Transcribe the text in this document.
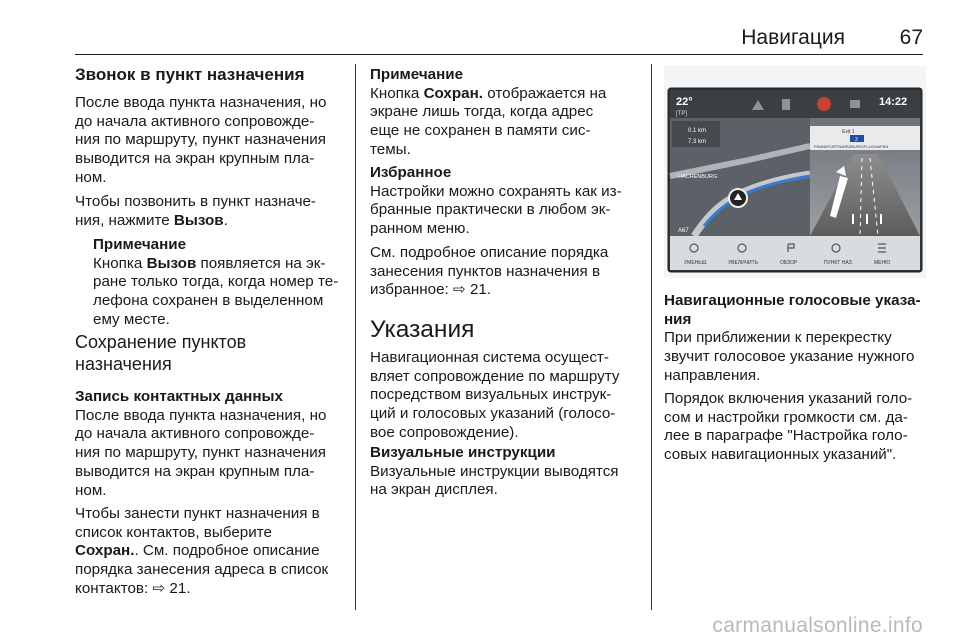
Навигация	67

Звонок в пункт назначения

После ввода пункта назначения, но

до начала активного сопровожде-

ния по маршруту, пункт назначения

выводится на экран крупным пла-

ном.

Чтобы позвонить в пункт назначе-

ния, нажмите Вызов.

Примечание

Кнопка Вызов появляется на эк-

ране только тогда, когда номер те-

лефона сохранен в выделенном

ему месте.

Сохранение пунктов

назначения

Запись контактных данных

После ввода пункта назначения, но

до начала активного сопровожде-

ния по маршруту, пункт назначения

выводится на экран крупным пла-

ном.

Чтобы занести пункт назначения в

список контактов, выберите

Сохран.. См. подробное описание

порядка занесения адреса в список

контактов: ⇨ 21.

Примечание

Кнопка Сохран. отображается на

экране лишь тогда, когда адрес

еще не сохранен в памяти сис-

темы.

Избранное

Настройки можно сохранять как из-

бранные практически в любом эк-

ранном меню.

См. подробное описание порядка

занесения пунктов назначения в

избранное: ⇨ 21.

Указания

Навигационная система осущест-

вляет сопровождение по маршруту

посредством визуальных инструк-

ций и голосовых указаний (голосо-

вое сопровождение).

Визуальные инструкции

Визуальные инструкции выводятся

на экран дисплея.

22°
[TP]
14:22
0.1 km
7.3 km
HACHENBURG
A67
Exit 1
3
FRANKFURT/WÜRZBURG/FLUGHAFEN
УМЕНЬШ.	УВЕЛИЧИТЬ	ОБЗОР	ПУНКТ НАЗ.	МЕНЮ

Навигационные голосовые указа-

ния

При приближении к перекрестку

звучит голосовое указание нужного

направления.

Порядок включения указаний голо-

сом и настройки громкости см. да-

лее в параграфе "Настройка голо-

совых навигационных указаний".

carmanualsonline.info
